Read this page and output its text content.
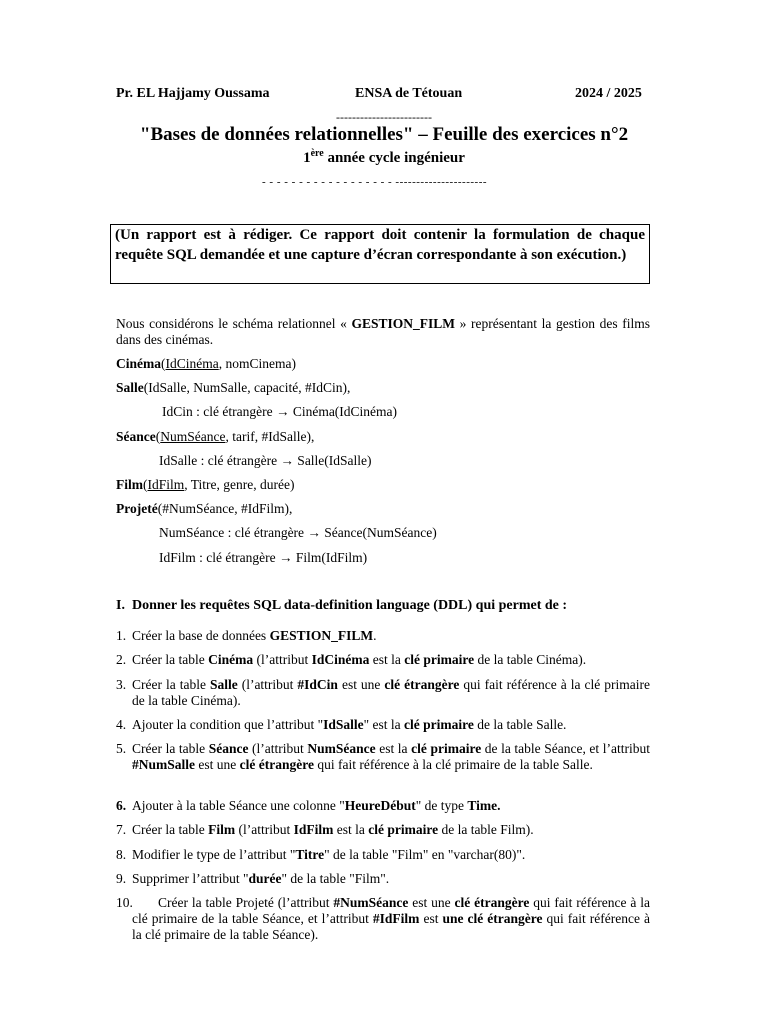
Pr. EL Hajjamy Oussama	ENSA de Tétouan	2024 / 2025
------------------------
"Bases de données relationnelles" – Feuille des exercices n°2
1ère année cycle ingénieur
- - - - - - - - - - - - - - - - - - ----------------------
(Un rapport est à rédiger. Ce rapport doit contenir la formulation de chaque requête SQL demandée et une capture d’écran correspondante à son exécution.)
Nous considérons le schéma relationnel « GESTION_FILM » représentant la gestion des films dans des cinémas.
Cinéma(IdCinéma, nomCinema)
Salle(IdSalle, NumSalle, capacité, #IdCin),
IdCin : clé étrangère → Cinéma(IdCinéma)
Séance(NumSéance, tarif, #IdSalle),
IdSalle : clé étrangère → Salle(IdSalle)
Film(IdFilm, Titre, genre, durée)
Projeté(#NumSéance, #IdFilm),
NumSéance : clé étrangère → Séance(NumSéance)
IdFilm : clé étrangère → Film(IdFilm)
I. Donner les requêtes SQL data-definition language (DDL) qui permet de :
1. Créer la base de données GESTION_FILM.
2. Créer la table Cinéma (l’attribut IdCinéma est la clé primaire de la table Cinéma).
3. Créer la table Salle (l’attribut #IdCin est une clé étrangère qui fait référence à la clé primaire de la table Cinéma).
4. Ajouter la condition que l’attribut "IdSalle" est la clé primaire de la table Salle.
5. Créer la table Séance (l’attribut NumSéance est la clé primaire de la table Séance, et l’attribut #NumSalle est une clé étrangère qui fait référence à la clé primaire de la table Salle.
6. Ajouter à la table Séance une colonne "HeureDébut" de type Time.
7. Créer la table Film (l’attribut IdFilm est la clé primaire de la table Film).
8. Modifier le type de l’attribut "Titre" de la table "Film" en "varchar(80)".
9. Supprimer l’attribut "durée" de la table "Film".
10.	Créer la table Projeté (l’attribut #NumSéance est une clé étrangère qui fait référence à la clé primaire de la table Séance, et l’attribut #IdFilm est une clé étrangère qui fait référence à la clé primaire de la table Séance).
